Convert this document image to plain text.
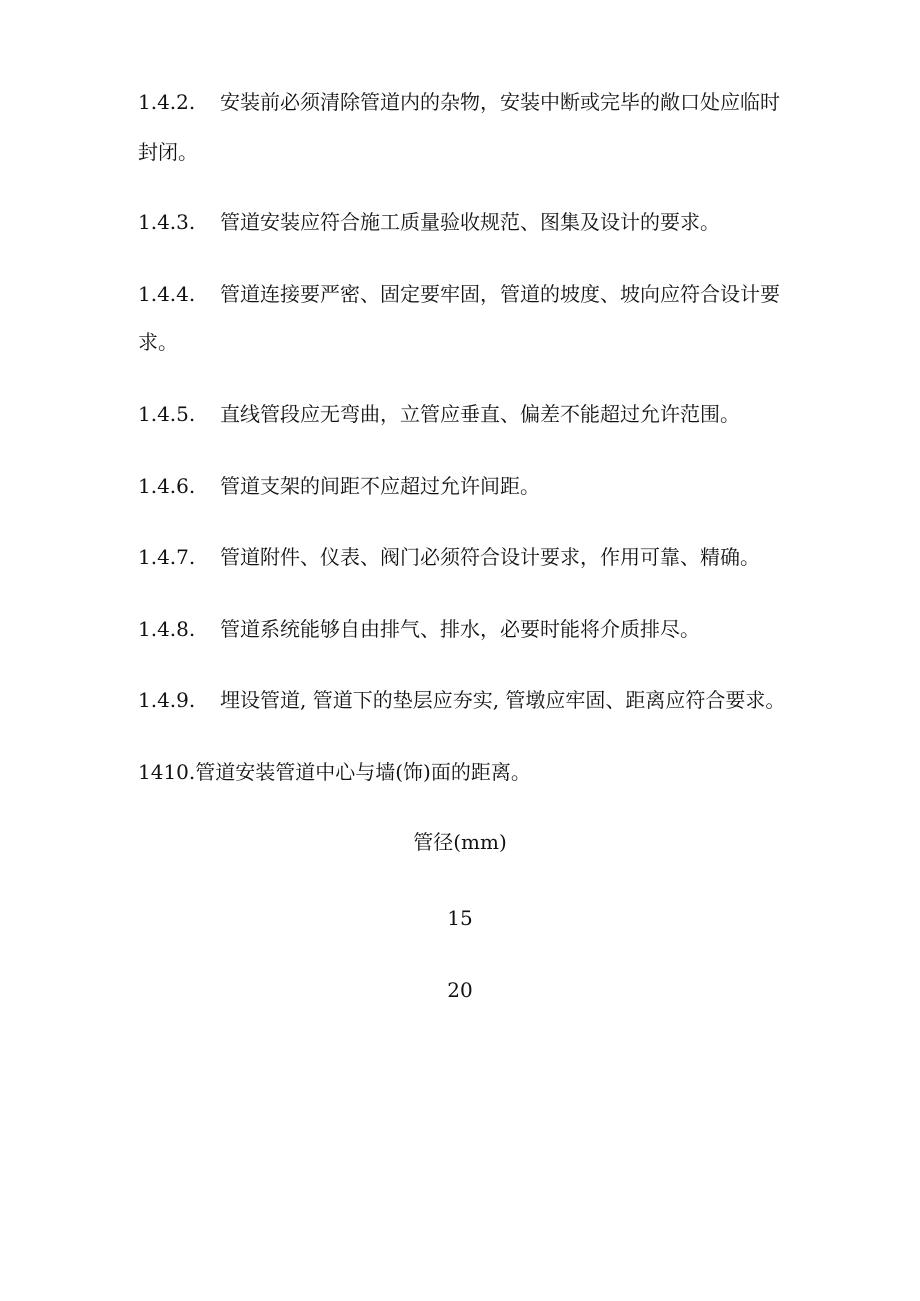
1.4.2. 安装前必须清除管道内的杂物，安装中断或完毕的敞口处应临时
封闭。
1.4.3. 管道安装应符合施工质量验收规范、图集及设计的要求。
1.4.4. 管道连接要严密、固定要牢固，管道的坡度、坡向应符合设计要
求。
1.4.5. 直线管段应无弯曲，立管应垂直、偏差不能超过允许范围。
1.4.6. 管道支架的间距不应超过允许间距。
1.4.7. 管道附件、仪表、阀门必须符合设计要求，作用可靠、精确。
1.4.8. 管道系统能够自由排气、排水，必要时能将介质排尽。
1.4.9. 埋设管道, 管道下的垫层应夯实, 管墩应牢固、距离应符合要求。
1410.管道安装管道中心与墙(饰)面的距离。
管径(mm)
15
20
